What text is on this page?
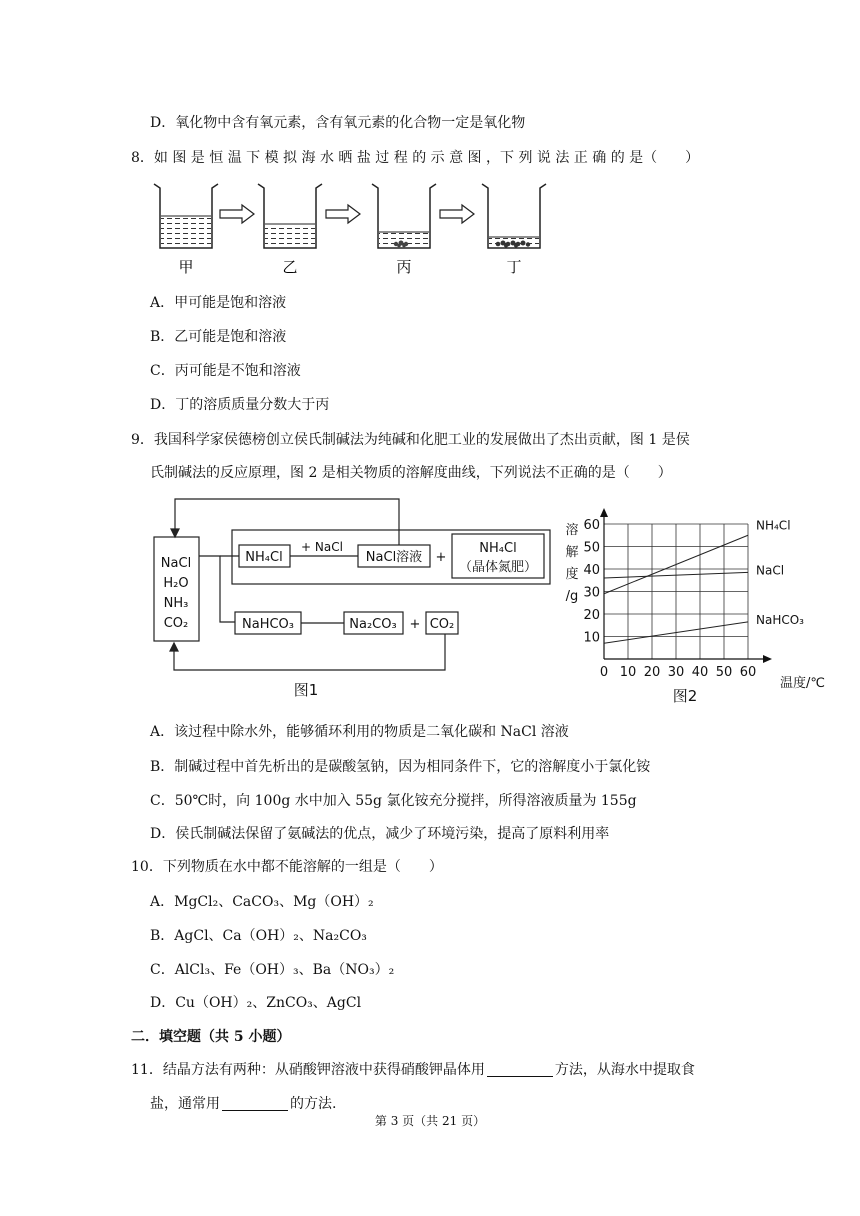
D．氧化物中含有氧元素，含有氧元素的化合物一定是氧化物
8．如 图 是 恒 温 下 模 拟 海 水 晒 盐 过 程 的 示 意 图 ，下 列 说 法 正 确 的 是（　　）
甲	乙	丙	丁
A．甲可能是饱和溶液
B．乙可能是饱和溶液
C．丙可能是不饱和溶液
D．丁的溶质质量分数大于丙
9．我国科学家侯德榜创立侯氏制碱法为纯碱和化肥工业的发展做出了杰出贡献，图 1 是侯
氏制碱法的反应原理，图 2 是相关物质的溶解度曲线，下列说法不正确的是（　　）
NaCl
H₂O
NH₃
CO₂
NH₄Cl
+ NaCl
NaCl溶液 +
NH₄Cl
（晶体氮肥）
NaHCO₃	Na₂CO₃ + CO₂
图1
溶
解
度
/g
温度/℃
图2
0 10 20 30 40 50 60
10
20
30
40
50
60	NH₄Cl
NaCl
NaHCO₃
A．该过程中除水外，能够循环利用的物质是二氧化碳和 NaCl 溶液
B．制碱过程中首先析出的是碳酸氢钠，因为相同条件下，它的溶解度小于氯化铵
C．50℃时，向 100g 水中加入 55g 氯化铵充分搅拌，所得溶液质量为 155g
D．侯氏制碱法保留了氨碱法的优点，减少了环境污染，提高了原料利用率
10．下列物质在水中都不能溶解的一组是（　　）
A．MgCl₂、CaCO₃、Mg（OH）₂
B．AgCl、Ca（OH）₂、Na₂CO₃
C．AlCl₃、Fe（OH）₃、Ba（NO₃）₂
D．Cu（OH）₂、ZnCO₃、AgCl
二．填空题（共 5 小题）
11．结晶方法有两种：从硝酸钾溶液中获得硝酸钾晶体用	方法，从海水中提取食
盐，通常用	的方法.
第 3 页（共 21 页）
